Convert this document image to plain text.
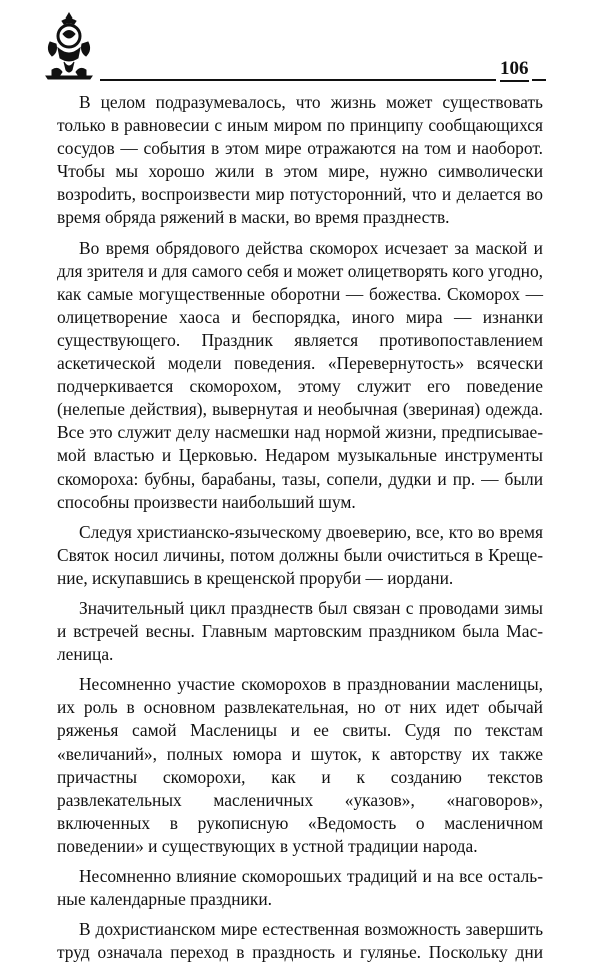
106

В целом подразумевалось, что жизнь может существовать только в равновесии с иным миром по принципу сообщающихся сосудов — события в этом мире отражаются на том и наоборот. Чтобы мы хорошо жили в этом мире, нужно символически возроdить, воспроизвести мир потусторонний, что и делается во время обряда ряжений в маски, во время празднеств.

Во время обрядового действа скоморох исчезает за маской и для зрителя и для самого себя и может олицетворять кого угодно, как самые могущественные оборотни — божества. Скоморох — олицетворение хаоса и беспорядка, иного мира — изнанки существующего. Праздник является противопоставлением аскетической модели поведения. «Перевернутость» всячески подчеркивается скоморохом, этому служит его поведение (нелепые действия), вывернутая и необычная (звериная) одежда. Все это служит делу насмешки над нормой жизни, предписываемой властью и Церковью. Недаром музыкальные инструменты скомороха: бубны, барабаны, тазы, сопели, дудки и пр. — были способны произвести наибольший шум.

Следуя христианско-языческому двоеверию, все, кто во время Святок носил личины, потом должны были очиститься в Крещение, искупавшись в крещенской проруби — иордани.

Значительный цикл празднеств был связан с проводами зимы и встречей весны. Главным мартовским праздником была Масленица.

Несомненно участие скоморохов в праздновании масленицы, их роль в основном развлекательная, но от них идет обычай ряженья самой Масленицы и ее свиты. Судя по текстам «величаний», полных юмора и шуток, к авторству их также причастны скоморохи, как и к созданию текстов развлекательных масленичных «указов», «наговоров», включенных в рукописную «Ведомость о масленичном поведении» и существующих в устной традиции народа.

Несомненно влияние скоморошьих традиций и на все остальные календарные праздники.

В дохристианском мире естественная возможность завершить труд означала переход в праздность и гулянье. Поскольку дни
